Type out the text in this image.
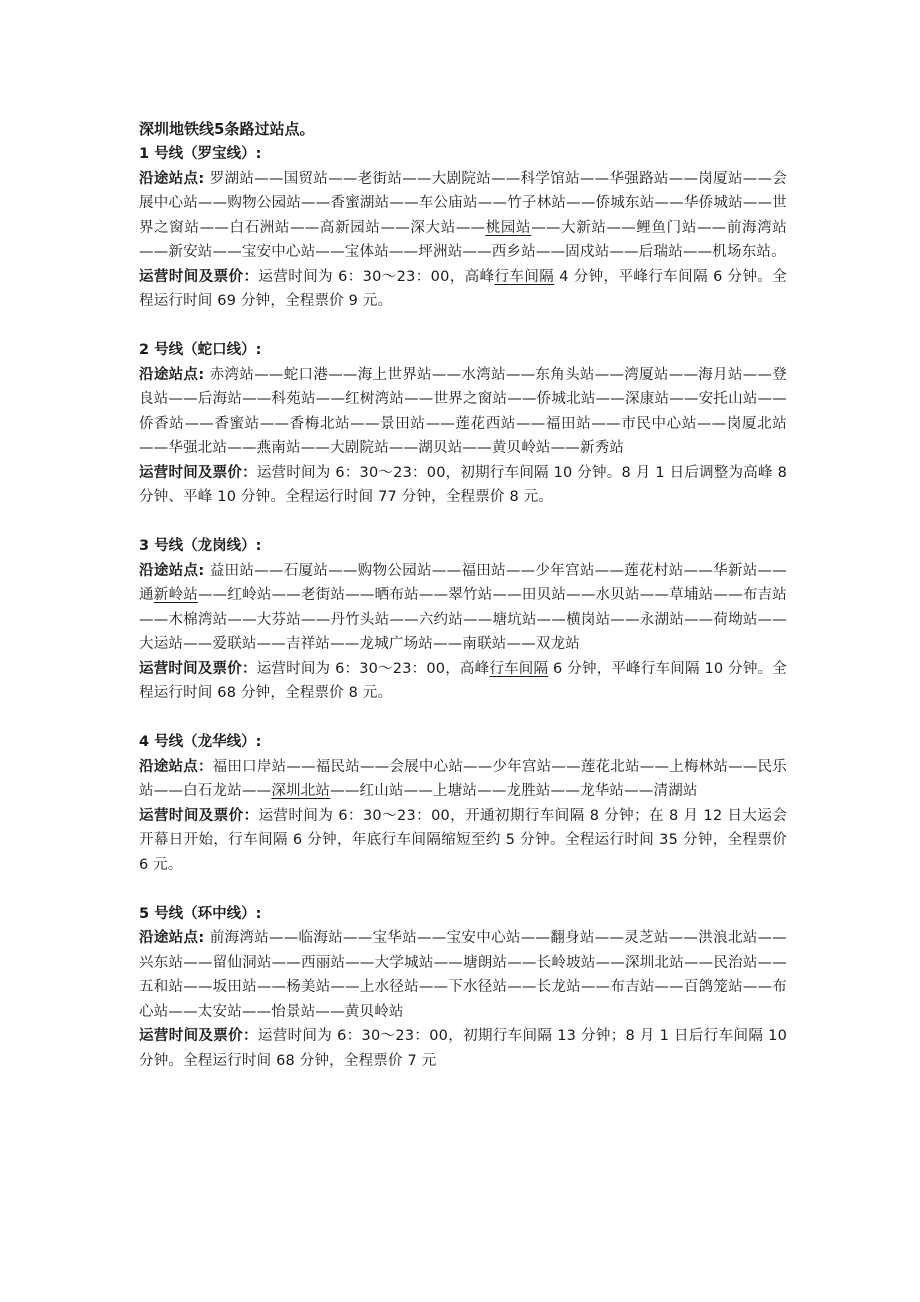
深圳地铁线5条路过站点。

1 号线（罗宝线）:

沿途站点: 罗湖站——国贸站——老街站——大剧院站——科学馆站——华强路站——岗厦站——会展中心站——购物公园站——香蜜湖站——车公庙站——竹子林站——侨城东站——华侨城站——世界之窗站——白石洲站——高新园站——深大站——桃园站——大新站——鲤鱼门站——前海湾站——新安站——宝安中心站——宝体站——坪洲站——西乡站——固戍站——后瑞站——机场东站。

运营时间及票价：运营时间为 6：30～23：00，高峰行车间隔 4 分钟，平峰行车间隔 6 分钟。全程运行时间 69 分钟，全程票价 9 元。

2 号线（蛇口线）:

沿途站点: 赤湾站——蛇口港——海上世界站——水湾站——东角头站——湾厦站——海月站——登良站——后海站——科苑站——红树湾站——世界之窗站——侨城北站——深康站——安托山站——侨香站——香蜜站——香梅北站——景田站——莲花西站——福田站——市民中心站——岗厦北站——华强北站——燕南站——大剧院站——湖贝站——黄贝岭站——新秀站

运营时间及票价：运营时间为 6：30～23：00，初期行车间隔 10 分钟。8 月 1 日后调整为高峰 8 分钟、平峰 10 分钟。全程运行时间 77 分钟，全程票价 8 元。

3 号线（龙岗线）:

沿途站点: 益田站——石厦站——购物公园站——福田站——少年宫站——莲花村站——华新站——通新岭站——红岭站——老街站——晒布站——翠竹站——田贝站——水贝站——草埔站——布吉站——木棉湾站——大芬站——丹竹头站——六约站——塘坑站——横岗站——永湖站——荷坳站——大运站——爱联站——吉祥站——龙城广场站——南联站——双龙站

运营时间及票价：运营时间为 6：30～23：00，高峰行车间隔 6 分钟，平峰行车间隔 10 分钟。全程运行时间 68 分钟，全程票价 8 元。

4 号线（龙华线）:

沿途站点：福田口岸站——福民站——会展中心站——少年宫站——莲花北站——上梅林站——民乐站——白石龙站——深圳北站——红山站——上塘站——龙胜站——龙华站——清湖站

运营时间及票价：运营时间为 6：30～23：00，开通初期行车间隔 8 分钟；在 8 月 12 日大运会开幕日开始，行车间隔 6 分钟，年底行车间隔缩短至约 5 分钟。全程运行时间 35 分钟，全程票价 6 元。

5 号线（环中线）:

沿途站点: 前海湾站——临海站——宝华站——宝安中心站——翻身站——灵芝站——洪浪北站——兴东站——留仙洞站——西丽站——大学城站——塘朗站——长岭坡站——深圳北站——民治站——五和站——坂田站——杨美站——上水径站——下水径站——长龙站——布吉站——百鸽笼站——布心站——太安站——怡景站——黄贝岭站

运营时间及票价：运营时间为 6：30～23：00，初期行车间隔 13 分钟；8 月 1 日后行车间隔 10 分钟。全程运行时间 68 分钟，全程票价 7 元
